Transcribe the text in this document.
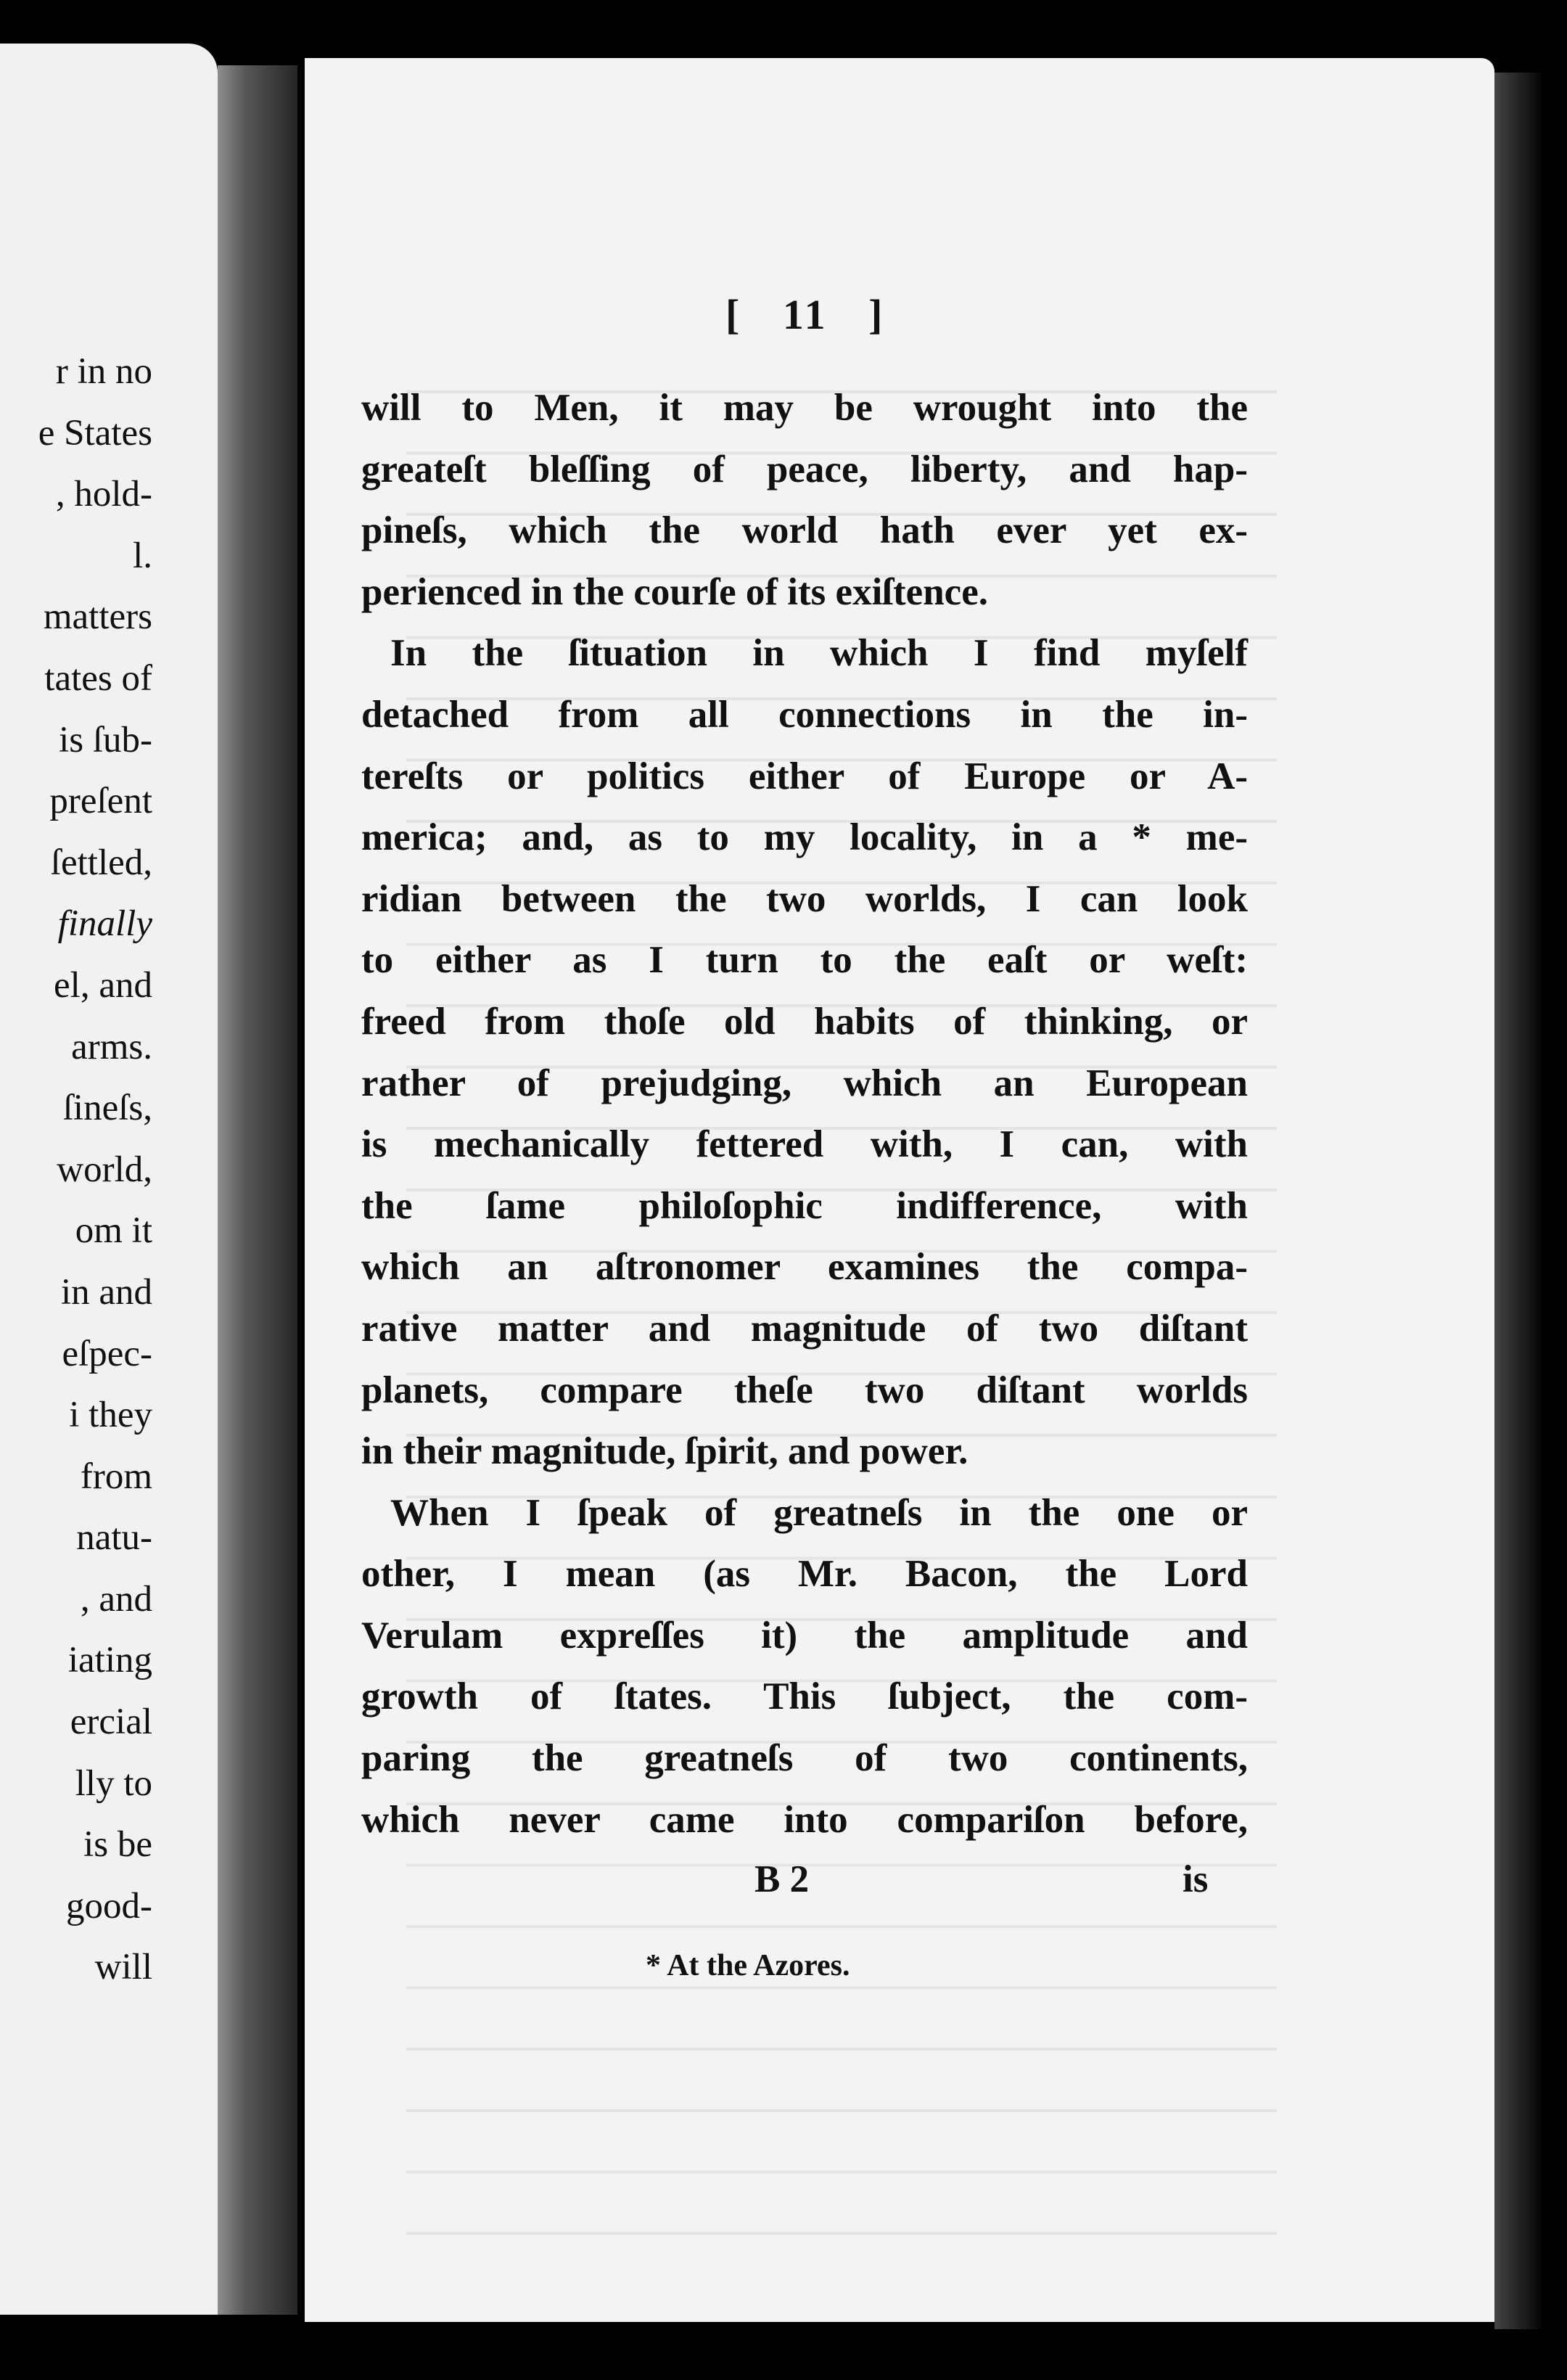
r in no
e States
, hold-
l.
matters
tates of
is ſub-
preſent
ſettled,
finally
el, and
arms.
ſineſs,
world,
om it
in and
eſpec-
i they
from
natu-
, and
iating
ercial
lly to
is be
good-
will
[   11   ]
will to Men, it may be wrought into the
greateſt bleſſing of peace, liberty, and hap-
pineſs, which the world hath ever yet ex-
perienced in the courſe of its exiſtence.
In the ſituation in which I find myſelf
detached from all connections in the in-
tereſts or politics either of Europe or A-
merica; and, as to my locality, in a * me-
ridian between the two worlds, I can look
to either as I turn to the eaſt or weſt:
freed from thoſe old habits of thinking, or
rather of prejudging, which an European
is mechanically fettered with, I can, with
the ſame philoſophic indifference, with
which an aſtronomer examines the compa-
rative matter and magnitude of two diſtant
planets, compare theſe two diſtant worlds
in their magnitude, ſpirit, and power.
When I ſpeak of greatneſs in the one or
other, I mean (as Mr. Bacon, the Lord
Verulam expreſſes it) the amplitude and
growth of ſtates. This ſubject, the com-
paring the greatneſs of two continents,
which never came into compariſon before,
B 2	is
* At the Azores.
